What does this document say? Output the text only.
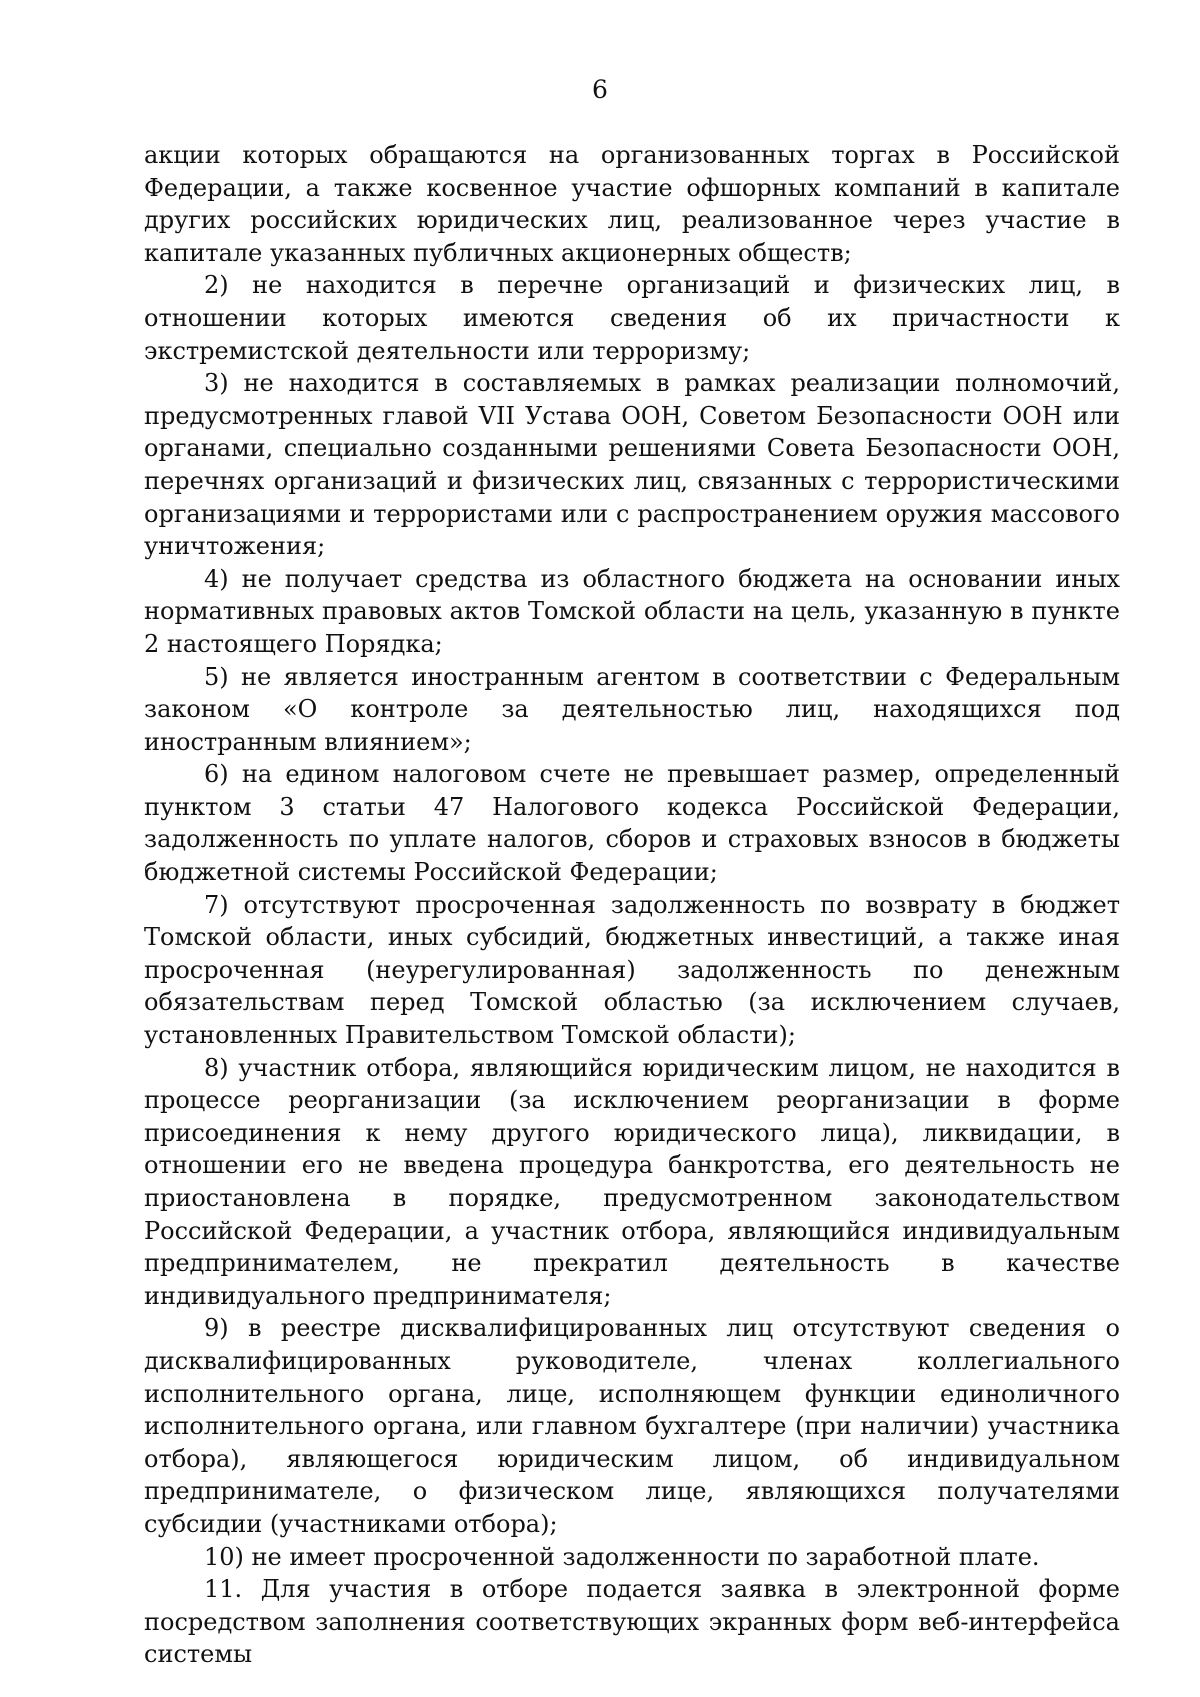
6

акции которых обращаются на организованных торгах в Российской Федерации, а также косвенное участие офшорных компаний в капитале других российских юридических лиц, реализованное через участие в капитале указанных публичных акционерных обществ;

2) не находится в перечне организаций и физических лиц, в отношении которых имеются сведения об их причастности к экстремистской деятельности или терроризму;

3) не находится в составляемых в рамках реализации полномочий, предусмотренных главой VII Устава ООН, Советом Безопасности ООН или органами, специально созданными решениями Совета Безопасности ООН, перечнях организаций и физических лиц, связанных с террористическими организациями и террористами или с распространением оружия массового уничтожения;

4) не получает средства из областного бюджета на основании иных нормативных правовых актов Томской области на цель, указанную в пункте 2 настоящего Порядка;

5) не является иностранным агентом в соответствии с Федеральным законом «О контроле за деятельностью лиц, находящихся под иностранным влиянием»;

6) на едином налоговом счете не превышает размер, определенный пунктом 3 статьи 47 Налогового кодекса Российской Федерации, задолженность по уплате налогов, сборов и страховых взносов в бюджеты бюджетной системы Российской Федерации;

7) отсутствуют просроченная задолженность по возврату в бюджет Томской области, иных субсидий, бюджетных инвестиций, а также иная просроченная (неурегулированная) задолженность по денежным обязательствам перед Томской областью (за исключением случаев, установленных Правительством Томской области);

8) участник отбора, являющийся юридическим лицом, не находится в процессе реорганизации (за исключением реорганизации в форме присоединения к нему другого юридического лица), ликвидации, в отношении его не введена процедура банкротства, его деятельность не приостановлена в порядке, предусмотренном законодательством Российской Федерации, а участник отбора, являющийся индивидуальным предпринимателем, не прекратил деятельность в качестве индивидуального предпринимателя;

9) в реестре дисквалифицированных лиц отсутствуют сведения о дисквалифицированных руководителе, членах коллегиального исполнительного органа, лице, исполняющем функции единоличного исполнительного органа, или главном бухгалтере (при наличии) участника отбора), являющегося юридическим лицом, об индивидуальном предпринимателе, о физическом лице, являющихся получателями субсидии (участниками отбора);

10) не имеет просроченной задолженности по заработной плате.

11. Для участия в отборе подается заявка в электронной форме посредством заполнения соответствующих экранных форм веб-интерфейса системы
